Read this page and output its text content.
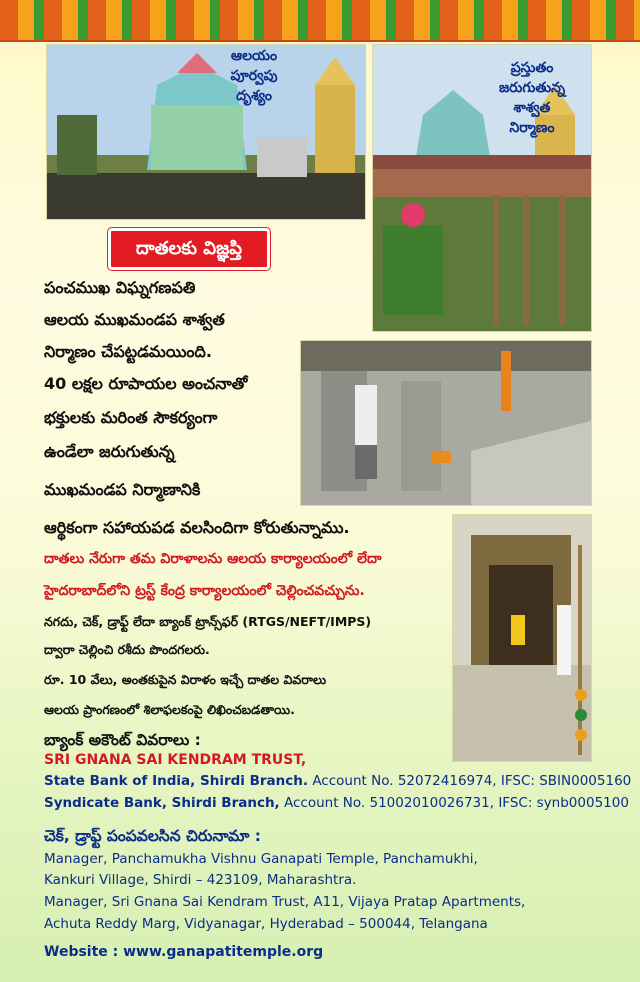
ఆలయం
పూర్వపు
దృశ్యం
ప్రస్తుతం
జరుగుతున్న
శాశ్వత
నిర్మాణం
దాతలకు విజ్ఞప్తి
పంచముఖ విఘ్నగణపతి
ఆలయ ముఖమండప శాశ్వత
నిర్మాణం చేపట్టడమయింది.
40 లక్షల రూపాయల అంచనాతో
భక్తులకు మరింత సౌకర్యంగా
ఉండేలా జరుగుతున్న
ముఖమండప నిర్మాణానికి
ఆర్థికంగా సహాయపడ వలసిందిగా కోరుతున్నాము.
దాతలు నేరుగా తమ విరాళాలను ఆలయ కార్యాలయంలో లేదా
హైదరాబాద్‌లోని ట్రస్ట్ కేంద్ర కార్యాలయంలో చెల్లించవచ్చును.
నగదు, చెక్, డ్రాఫ్ట్ లేదా బ్యాంక్ ట్రాన్స్‌ఫర్ (RTGS/NEFT/IMPS)
ద్వారా చెల్లించి రశీదు పొందగలరు.
రూ. 10 వేలు, అంతకుపైన విరాళం ఇచ్చే దాతల వివరాలు
ఆలయ ప్రాంగణంలో శిలాఫలకంపై లిఖించబడతాయి.
బ్యాంక్ అకౌంట్ వివరాలు :
SRI GNANA SAI KENDRAM TRUST,
State Bank of India, Shirdi Branch. Account No. 52072416974, IFSC: SBIN0005160
Syndicate Bank, Shirdi Branch, Account No. 51002010026731, IFSC: synb0005100
చెక్, డ్రాఫ్ట్ పంపవలసిన చిరునామా :
Manager, Panchamukha Vishnu Ganapati Temple, Panchamukhi,
Kankuri Village, Shirdi – 423109, Maharashtra.
Manager, Sri Gnana Sai Kendram Trust, A11, Vijaya Pratap Apartments,
Achuta Reddy Marg, Vidyanagar, Hyderabad – 500044, Telangana
Website : www.ganapatitemple.org
